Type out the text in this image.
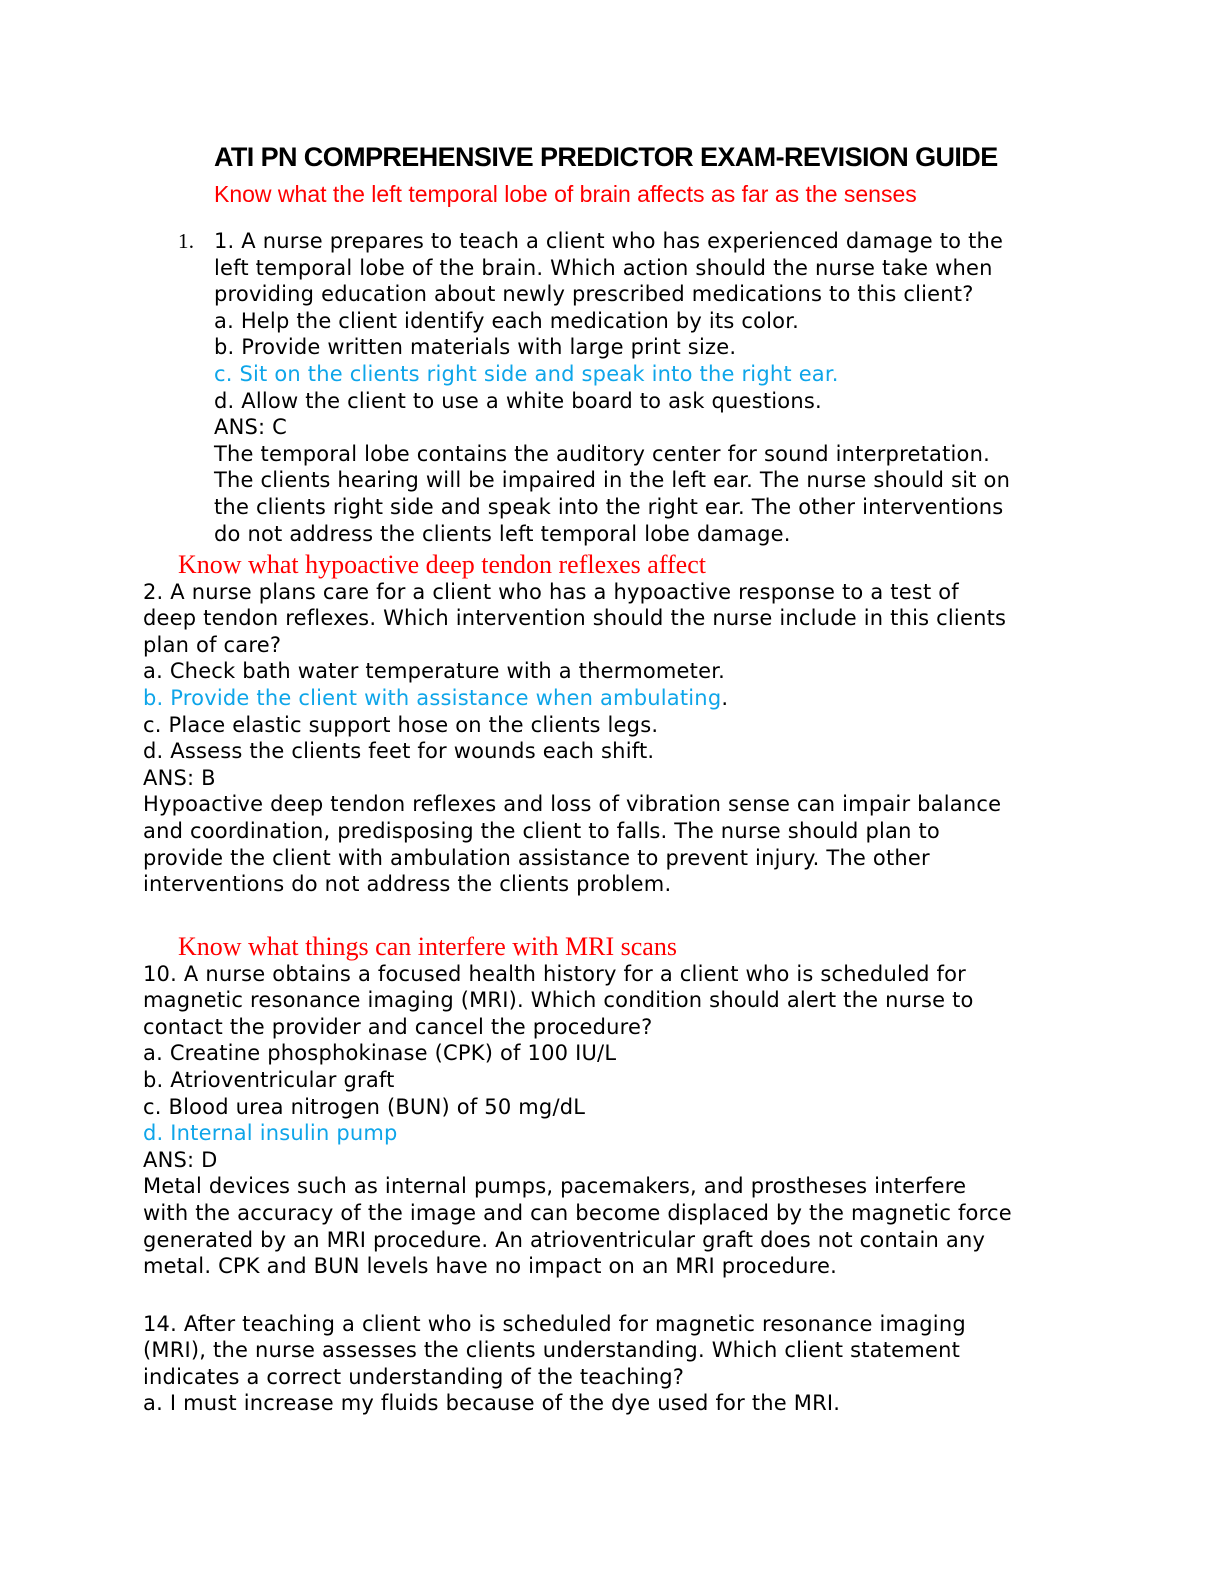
ATI PN COMPREHENSIVE PREDICTOR EXAM-REVISION GUIDE
Know what the left temporal lobe of brain affects as far as the senses
1. 1. A nurse prepares to teach a client who has experienced damage to the
left temporal lobe of the brain. Which action should the nurse take when
providing education about newly prescribed medications to this client?
a. Help the client identify each medication by its color.
b. Provide written materials with large print size.
c. Sit on the clients right side and speak into the right ear.
d. Allow the client to use a white board to ask questions.
ANS: C
The temporal lobe contains the auditory center for sound interpretation.
The clients hearing will be impaired in the left ear. The nurse should sit on
the clients right side and speak into the right ear. The other interventions
do not address the clients left temporal lobe damage.
Know what hypoactive deep tendon reflexes affect
2. A nurse plans care for a client who has a hypoactive response to a test of
deep tendon reflexes. Which intervention should the nurse include in this clients
plan of care?
a. Check bath water temperature with a thermometer.
b. Provide the client with assistance when ambulating.
c. Place elastic support hose on the clients legs.
d. Assess the clients feet for wounds each shift.
ANS: B
Hypoactive deep tendon reflexes and loss of vibration sense can impair balance
and coordination, predisposing the client to falls. The nurse should plan to
provide the client with ambulation assistance to prevent injury. The other
interventions do not address the clients problem.
Know what things can interfere with MRI scans
10. A nurse obtains a focused health history for a client who is scheduled for
magnetic resonance imaging (MRI). Which condition should alert the nurse to
contact the provider and cancel the procedure?
a. Creatine phosphokinase (CPK) of 100 IU/L
b. Atrioventricular graft
c. Blood urea nitrogen (BUN) of 50 mg/dL
d. Internal insulin pump
ANS: D
Metal devices such as internal pumps, pacemakers, and prostheses interfere
with the accuracy of the image and can become displaced by the magnetic force
generated by an MRI procedure. An atrioventricular graft does not contain any
metal. CPK and BUN levels have no impact on an MRI procedure.
14. After teaching a client who is scheduled for magnetic resonance imaging
(MRI), the nurse assesses the clients understanding. Which client statement
indicates a correct understanding of the teaching?
a. I must increase my fluids because of the dye used for the MRI.
